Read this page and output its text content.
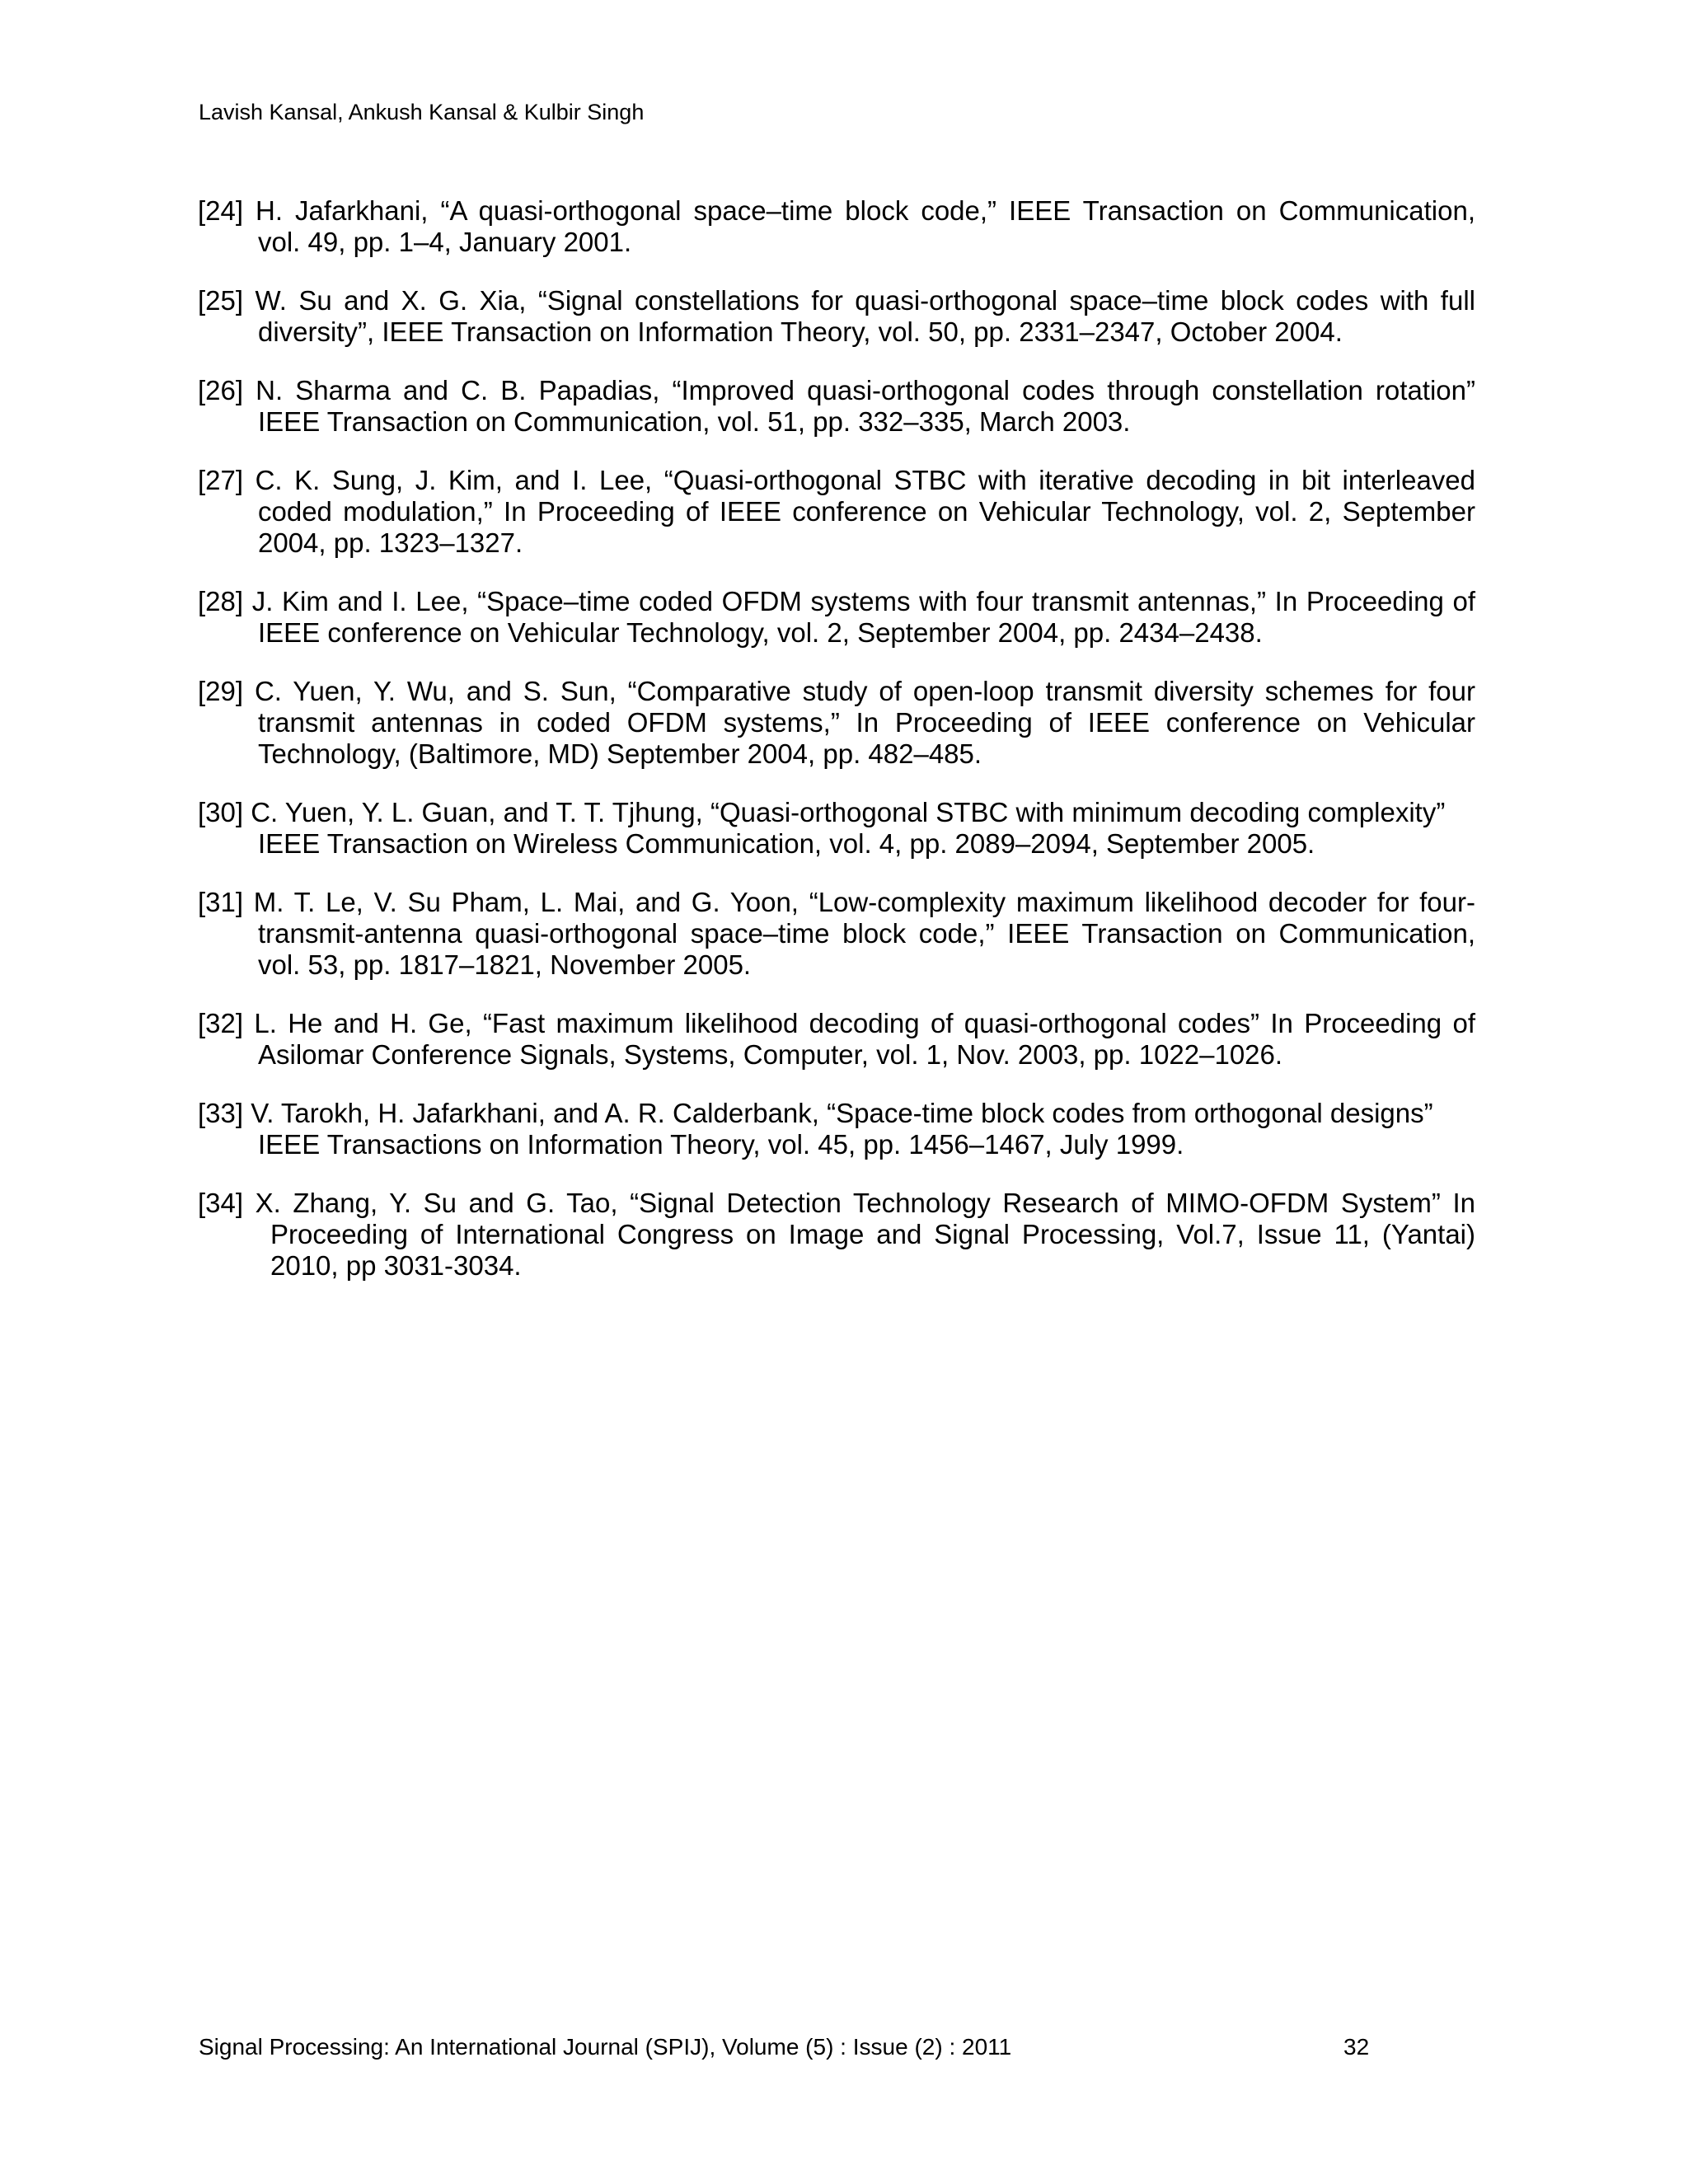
Lavish Kansal, Ankush Kansal & Kulbir Singh
[24] H. Jafarkhani, “A quasi-orthogonal space–time block code,” IEEE Transaction on Communication,
vol. 49, pp. 1–4, January 2001.
[25] W. Su and X. G. Xia, “Signal constellations for quasi-orthogonal space–time block codes with full
diversity”, IEEE Transaction on Information Theory, vol. 50, pp. 2331–2347, October 2004.
[26] N. Sharma and C. B. Papadias, “Improved quasi-orthogonal codes through constellation rotation”
IEEE Transaction on Communication, vol. 51, pp. 332–335, March 2003.
[27] C. K. Sung, J. Kim, and I. Lee, “Quasi-orthogonal STBC with iterative decoding in bit interleaved
coded modulation,” In Proceeding of IEEE conference on Vehicular Technology, vol. 2, September
2004, pp. 1323–1327.
[28] J. Kim and I. Lee, “Space–time coded OFDM systems with four transmit antennas,” In Proceeding of
IEEE conference on Vehicular Technology, vol. 2, September 2004, pp. 2434–2438.
[29] C. Yuen, Y. Wu, and S. Sun, “Comparative study of open-loop transmit diversity schemes for four
transmit antennas in coded OFDM systems,” In Proceeding of IEEE conference on Vehicular
Technology, (Baltimore, MD) September 2004, pp. 482–485.
[30] C. Yuen, Y. L. Guan, and T. T. Tjhung, “Quasi-orthogonal STBC with minimum decoding complexity”
IEEE Transaction on Wireless Communication, vol. 4, pp. 2089–2094, September 2005.
[31] M. T. Le, V. Su Pham, L. Mai, and G. Yoon, “Low-complexity maximum likelihood decoder for four-
transmit-antenna quasi-orthogonal space–time block code,” IEEE Transaction on Communication,
vol. 53, pp. 1817–1821, November 2005.
[32] L. He and H. Ge, “Fast maximum likelihood decoding of quasi-orthogonal codes” In Proceeding of
Asilomar Conference Signals, Systems, Computer, vol. 1, Nov. 2003, pp. 1022–1026.
[33] V. Tarokh, H. Jafarkhani, and A. R. Calderbank, “Space-time block codes from orthogonal designs”
IEEE Transactions on Information Theory, vol. 45, pp. 1456–1467, July 1999.
[34] X. Zhang, Y. Su and G. Tao, “Signal Detection Technology Research of MIMO-OFDM System” In
Proceeding of International Congress on Image and Signal Processing, Vol.7, Issue 11, (Yantai)
2010, pp 3031-3034.
Signal Processing: An International Journal (SPIJ), Volume (5) : Issue (2) : 2011	32
